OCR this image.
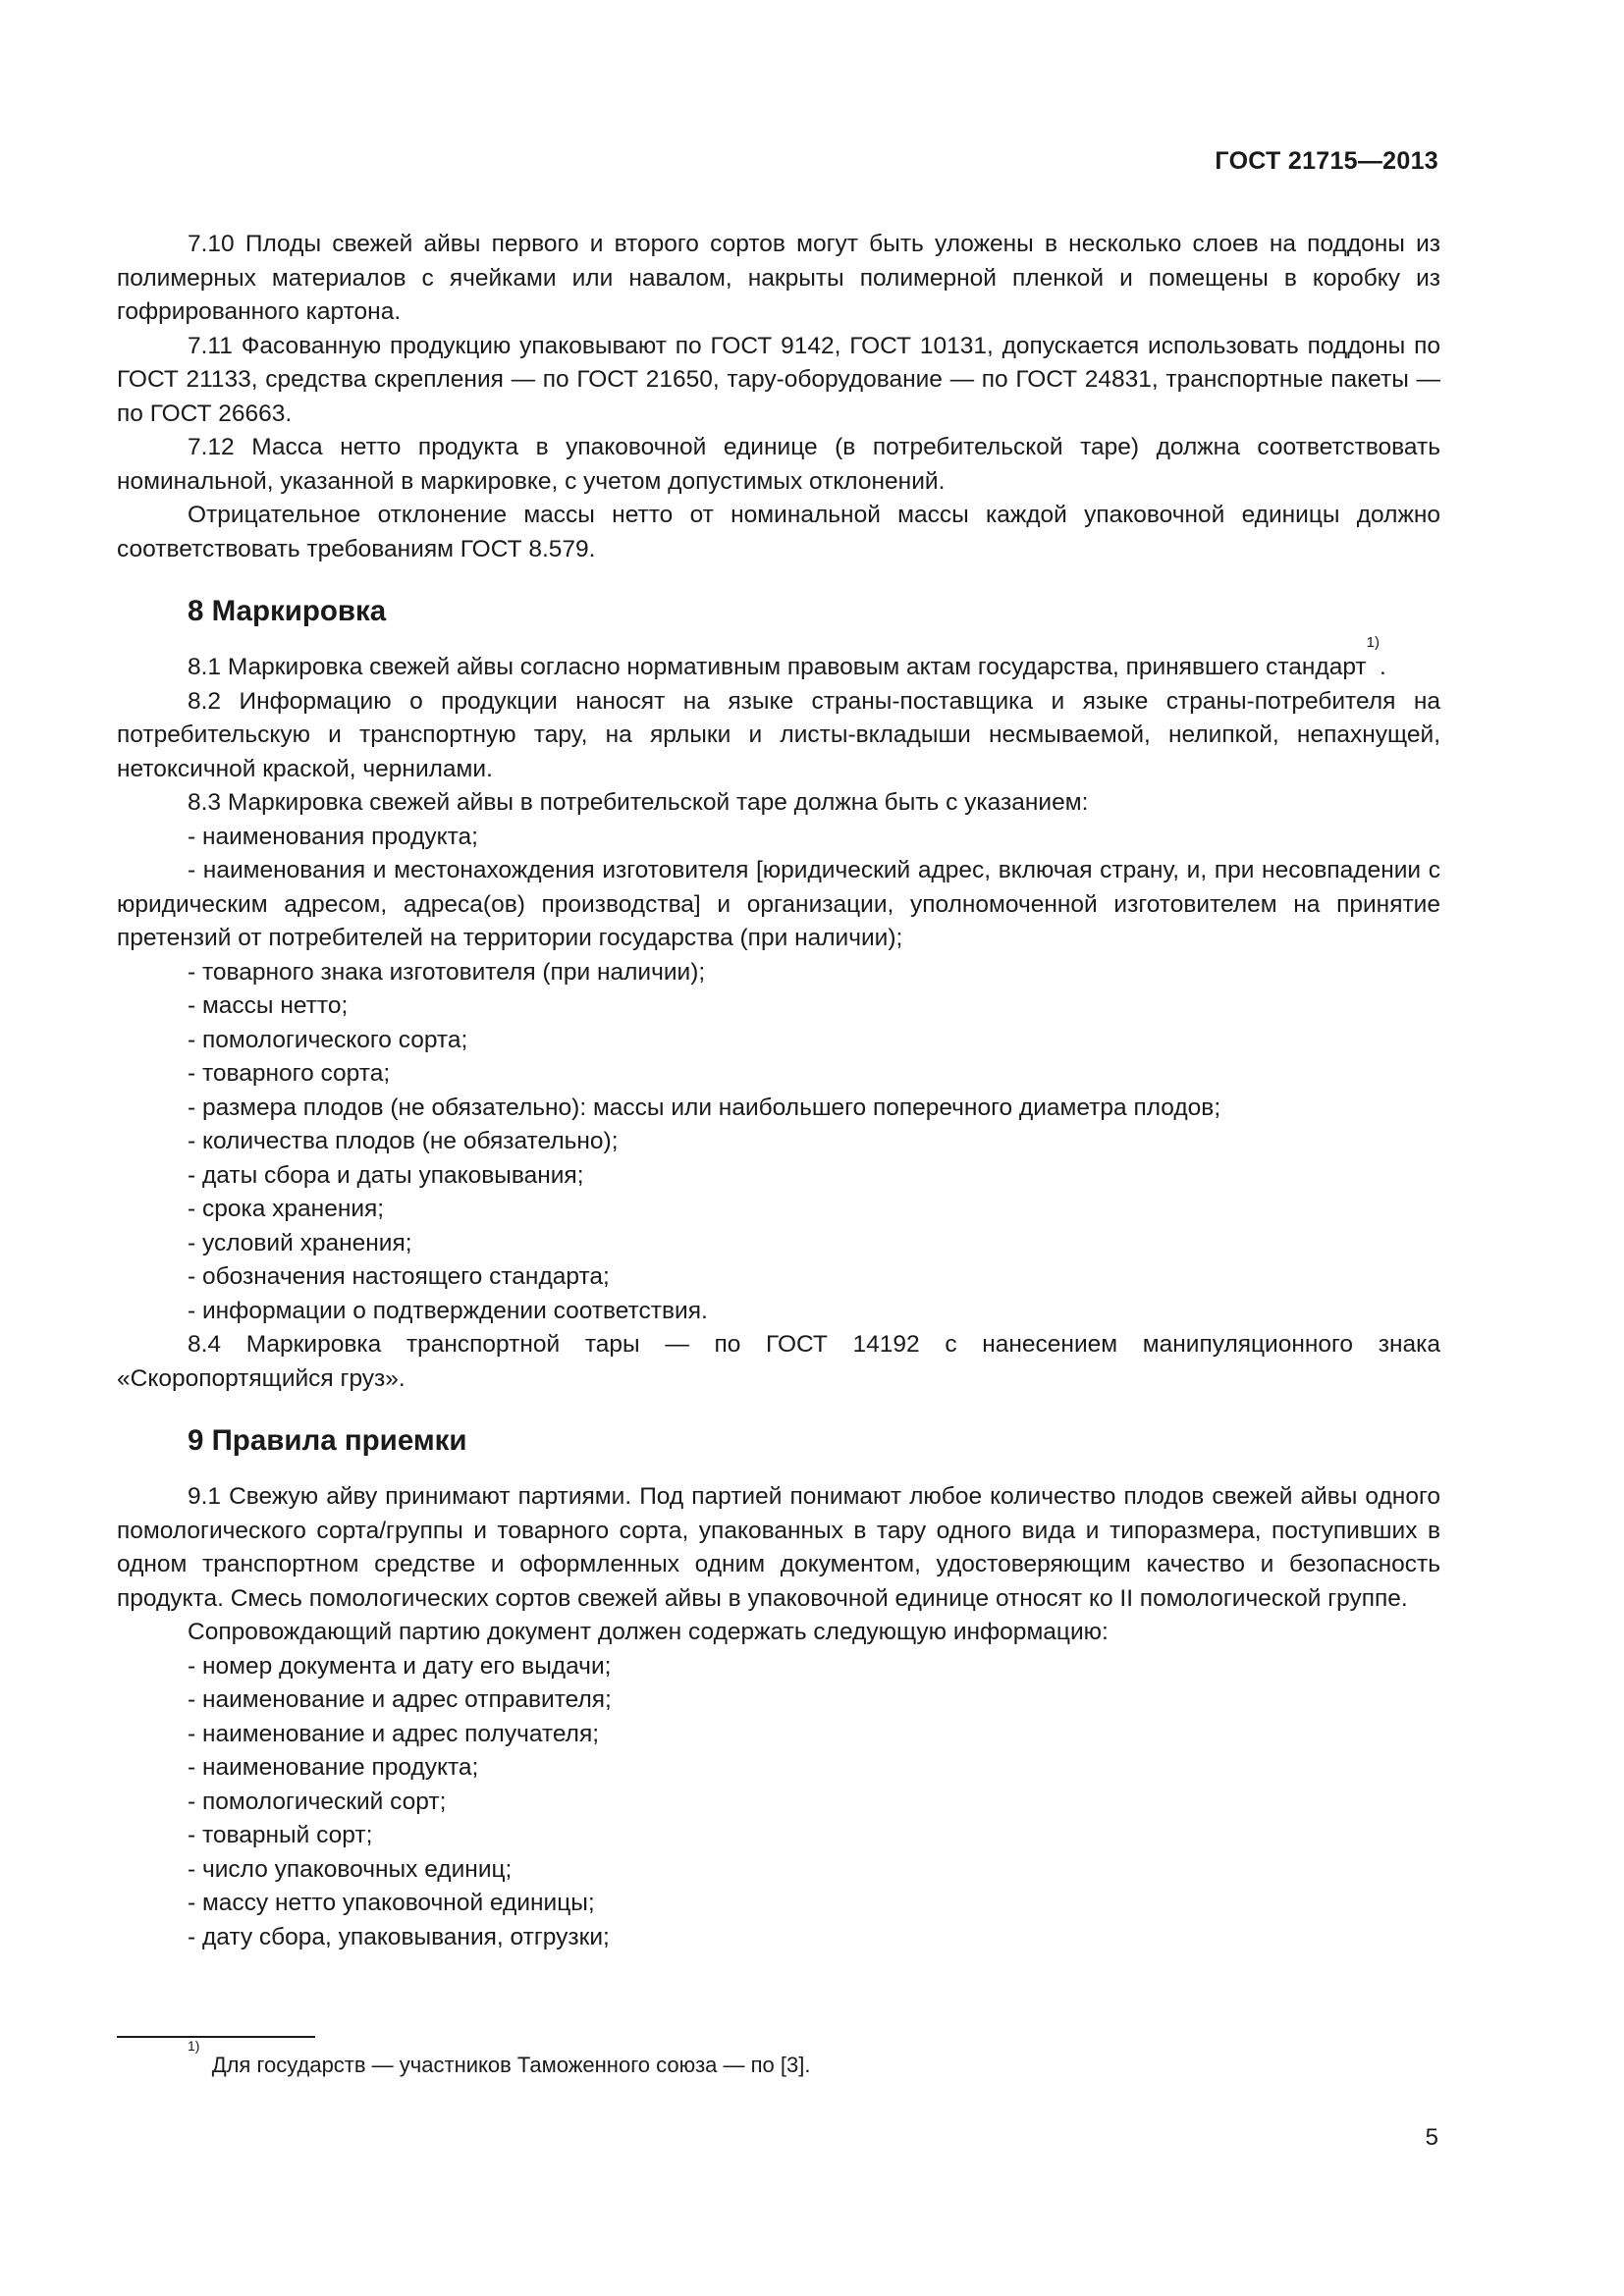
ГОСТ 21715—2013

7.10 Плоды свежей айвы первого и второго сортов могут быть уложены в несколько слоев на поддоны из полимерных материалов с ячейками или навалом, накрыты полимерной пленкой и помещены в коробку из гофрированного картона.

7.11 Фасованную продукцию упаковывают по ГОСТ 9142, ГОСТ 10131, допускается использовать поддоны по ГОСТ 21133, средства скрепления — по ГОСТ 21650, тару-оборудование — по ГОСТ 24831, транспортные пакеты — по ГОСТ 26663.

7.12 Масса нетто продукта в упаковочной единице (в потребительской таре) должна соответствовать номинальной, указанной в маркировке, с учетом допустимых отклонений.

Отрицательное отклонение массы нетто от номинальной массы каждой упаковочной единицы должно соответствовать требованиям ГОСТ 8.579.

8 Маркировка

8.1 Маркировка свежей айвы согласно нормативным правовым актам государства, принявшего стандарт$^{1)}$.

8.2 Информацию о продукции наносят на языке страны-поставщика и языке страны-потребителя на потребительскую и транспортную тару, на ярлыки и листы-вкладыши несмываемой, нелипкой, непахнущей, нетоксичной краской, чернилами.

8.3 Маркировка свежей айвы в потребительской таре должна быть с указанием:

- наименования продукта;

- наименования и местонахождения изготовителя [юридический адрес, включая страну, и, при несовпадении с юридическим адресом, адреса(ов) производства] и организации, уполномоченной изготовителем на принятие претензий от потребителей на территории государства (при наличии);

- товарного знака изготовителя (при наличии);

- массы нетто;

- помологического сорта;

- товарного сорта;

- размера плодов (не обязательно): массы или наибольшего поперечного диаметра плодов;

- количества плодов (не обязательно);

- даты сбора и даты упаковывания;

- срока хранения;

- условий хранения;

- обозначения настоящего стандарта;

- информации о подтверждении соответствия.

8.4 Маркировка транспортной тары — по ГОСТ 14192 с нанесением манипуляционного знака «Скоропортящийся груз».

9 Правила приемки

9.1 Свежую айву принимают партиями. Под партией понимают любое количество плодов свежей айвы одного помологического сорта/группы и товарного сорта, упакованных в тару одного вида и типоразмера, поступивших в одном транспортном средстве и оформленных одним документом, удостоверяющим качество и безопасность продукта. Смесь помологических сортов свежей айвы в упаковочной единице относят ко II помологической группе.

Сопровождающий партию документ должен содержать следующую информацию:

- номер документа и дату его выдачи;

- наименование и адрес отправителя;

- наименование и адрес получателя;

- наименование продукта;

- помологический сорт;

- товарный сорт;

- число упаковочных единиц;

- массу нетто упаковочной единицы;

- дату сбора, упаковывания, отгрузки;

$^{1)}$  Для государств — участников Таможенного союза — по [3].
5
